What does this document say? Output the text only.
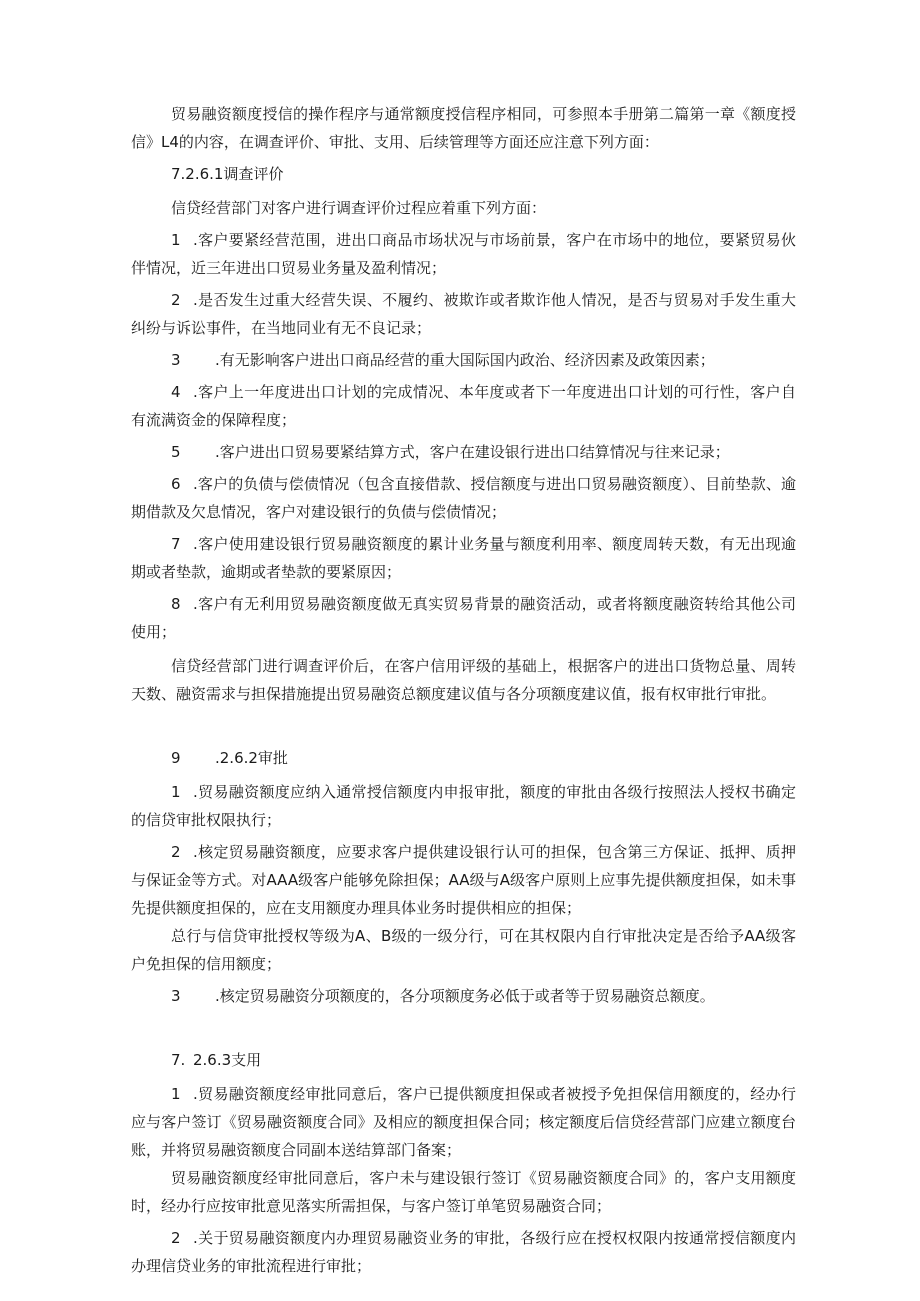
贸易融资额度授信的操作程序与通常额度授信程序相同，可参照本手册第二篇第一章《额度授信》L4的内容，在调查评价、审批、支用、后续管理等方面还应注意下列方面：

7.2.6.1调查评价

信贷经营部门对客户进行调查评价过程应着重下列方面：

1 .客户要紧经营范围，进出口商品市场状况与市场前景，客户在市场中的地位，要紧贸易伙伴情况，近三年进出口贸易业务量及盈利情况；

2 .是否发生过重大经营失误、不履约、被欺诈或者欺诈他人情况，是否与贸易对手发生重大纠纷与诉讼事件，在当地同业有无不良记录；

3 .有无影响客户进出口商品经营的重大国际国内政治、经济因素及政策因素；

4 .客户上一年度进出口计划的完成情况、本年度或者下一年度进出口计划的可行性，客户自有流满资金的保障程度；

5 .客户进出口贸易要紧结算方式，客户在建设银行进出口结算情况与往来记录；

6 .客户的负债与偿债情况（包含直接借款、授信额度与进出口贸易融资额度）、目前垫款、逾期借款及欠息情况，客户对建设银行的负债与偿债情况；

7 .客户使用建设银行贸易融资额度的累计业务量与额度利用率、额度周转天数，有无出现逾期或者垫款，逾期或者垫款的要紧原因；

8 .客户有无利用贸易融资额度做无真实贸易背景的融资活动，或者将额度融资转给其他公司使用；

信贷经营部门进行调查评价后，在客户信用评级的基础上，根据客户的进出口货物总量、周转天数、融资需求与担保措施提出贸易融资总额度建议值与各分项额度建议值，报有权审批行审批。

9 .2.6.2审批

1 .贸易融资额度应纳入通常授信额度内申报审批，额度的审批由各级行按照法人授权书确定的信贷审批权限执行；

2 .核定贸易融资额度，应要求客户提供建设银行认可的担保，包含第三方保证、抵押、质押与保证金等方式。对AAA级客户能够免除担保；AA级与A级客户原则上应事先提供额度担保，如未事先提供额度担保的，应在支用额度办理具体业务时提供相应的担保；

总行与信贷审批授权等级为A、B级的一级分行，可在其权限内自行审批决定是否给予AA级客户免担保的信用额度；

3 .核定贸易融资分项额度的，各分项额度务必低于或者等于贸易融资总额度。

7. 2.6.3支用

1 .贸易融资额度经审批同意后，客户已提供额度担保或者被授予免担保信用额度的，经办行应与客户签订《贸易融资额度合同》及相应的额度担保合同；核定额度后信贷经营部门应建立额度台账，并将贸易融资额度合同副本送结算部门备案；

贸易融资额度经审批同意后，客户未与建设银行签订《贸易融资额度合同》的，客户支用额度时，经办行应按审批意见落实所需担保，与客户签订单笔贸易融资合同；

2 .关于贸易融资额度内办理贸易融资业务的审批，各级行应在授权权限内按通常授信额度内办理信贷业务的审批流程进行审批；
